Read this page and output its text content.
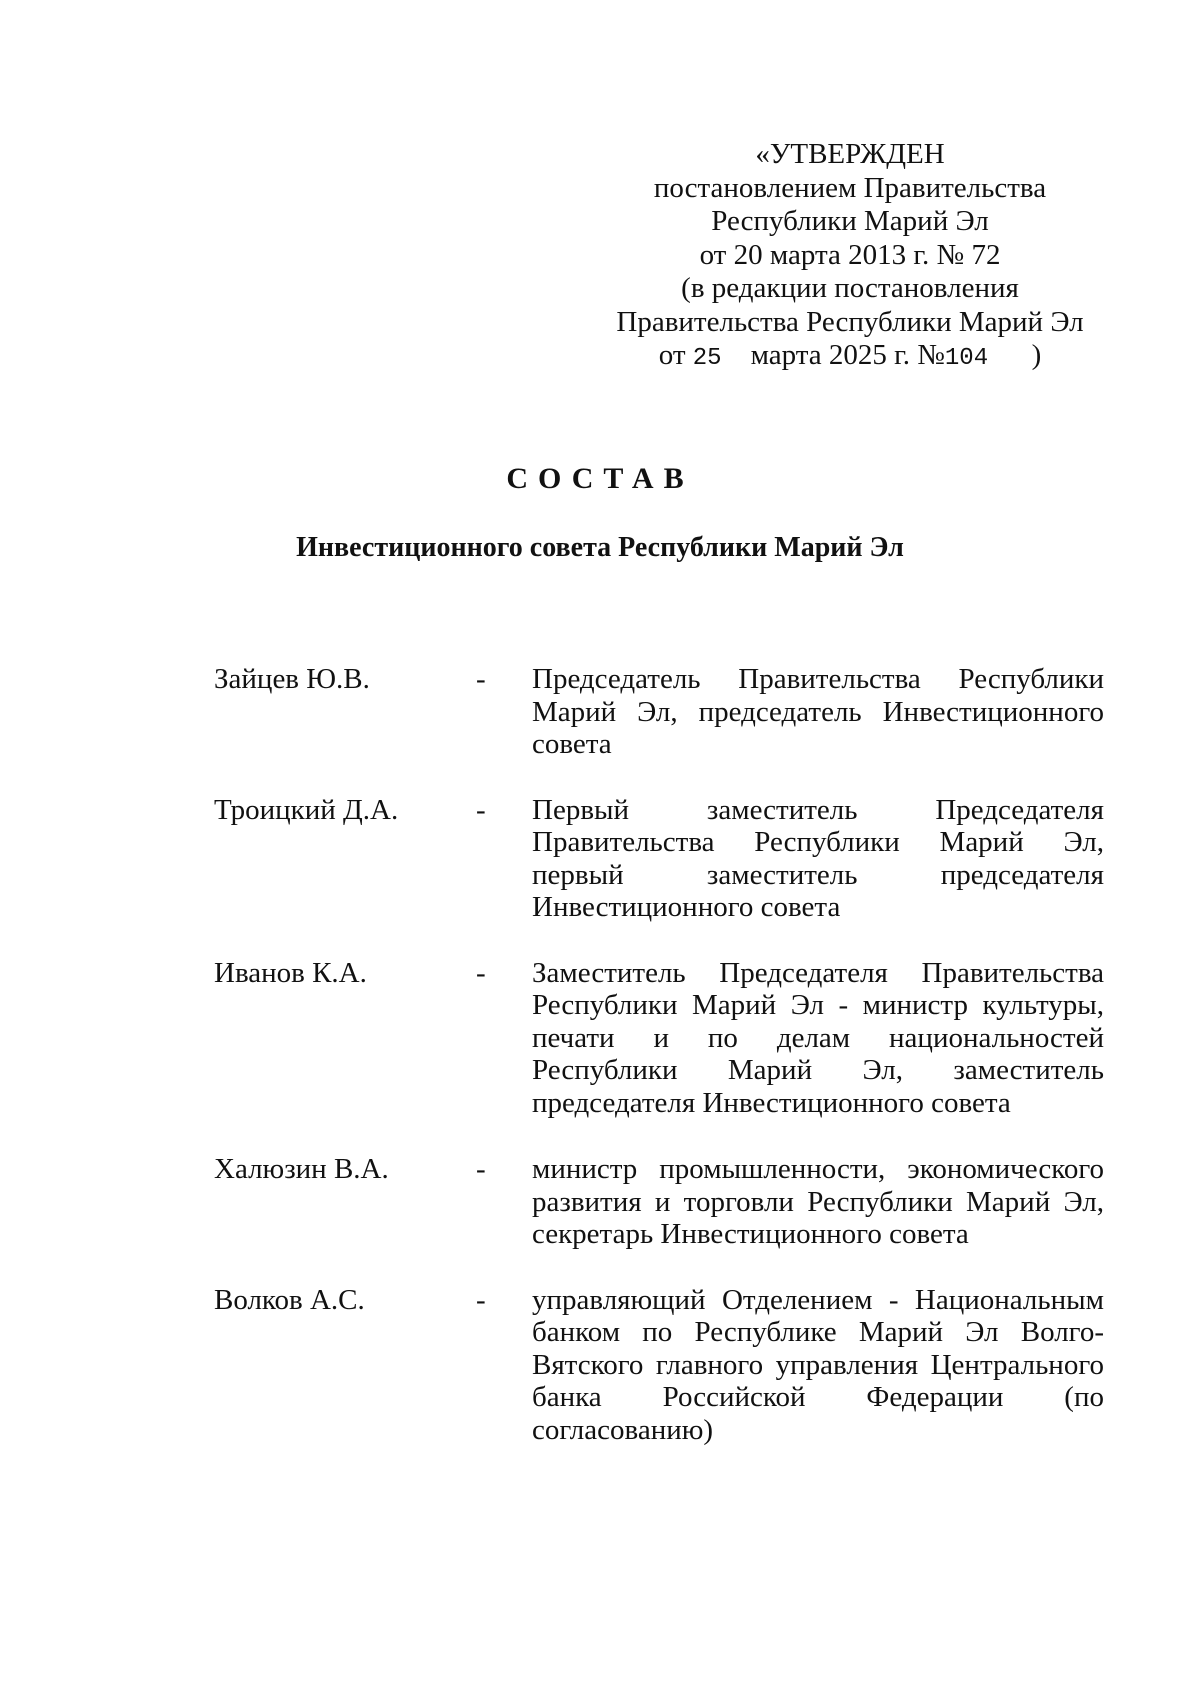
«УТВЕРЖДЕН
постановлением Правительства
Республики Марий Эл
от 20 марта 2013 г. № 72
(в редакции постановления
Правительства Республики Марий Эл
от 25 марта 2025 г. №104 )
СОСТАВ
Инвестиционного совета Республики Марий Эл
Зайцев Ю.В.	-	Председатель Правительства Республики Марий Эл, председатель Инвестиционного совета
Троицкий Д.А.	-	Первый заместитель Председателя Правительства Республики Марий Эл, первый заместитель председателя Инвестиционного совета
Иванов К.А.	-	Заместитель Председателя Правительства Республики Марий Эл - министр культуры, печати и по делам национальностей Республики Марий Эл, заместитель председателя Инвестиционного совета
Халюзин В.А.	-	министр промышленности, экономического развития и торговли Республики Марий Эл, секретарь Инвестиционного совета
Волков А.С.	-	управляющий Отделением - Национальным банком по Республике Марий Эл Волго-Вятского главного управления Центрального банка Российской Федерации (по согласованию)
